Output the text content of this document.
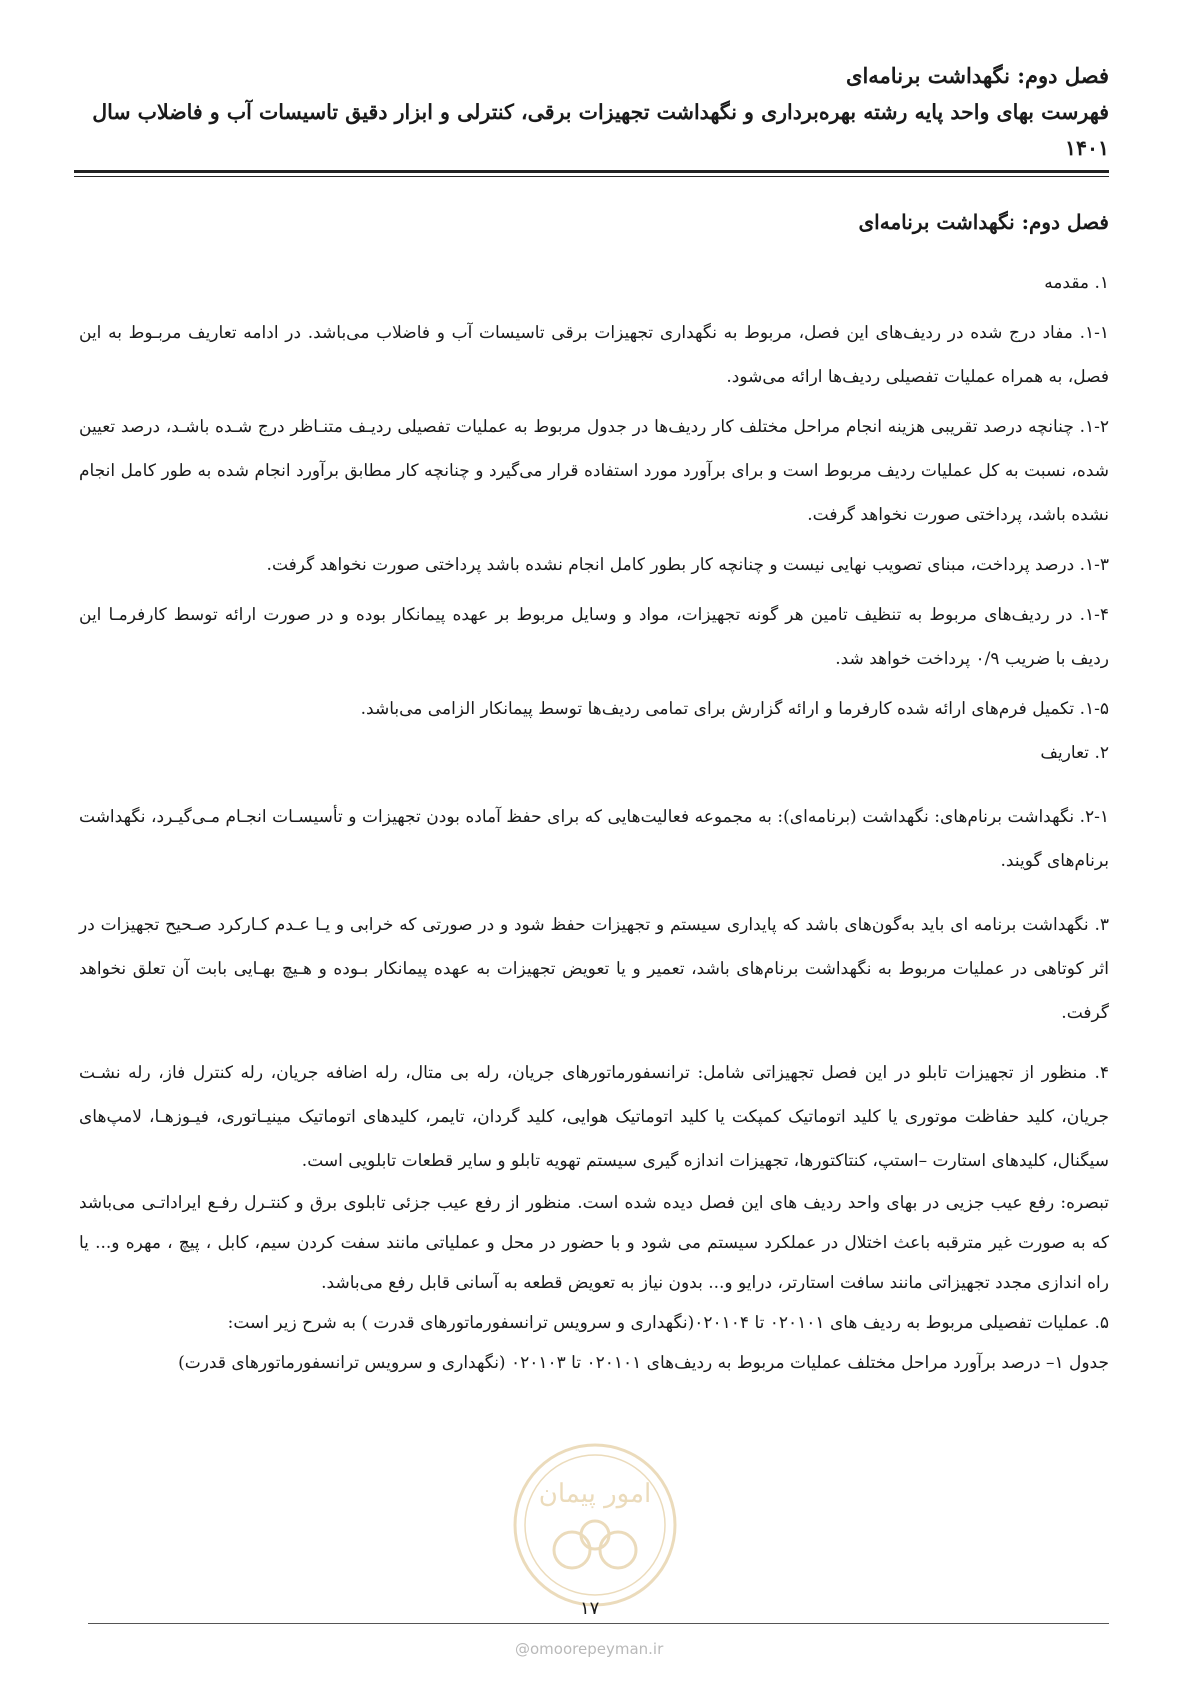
فصل دوم: نگهداشت برنامه‌ای
فهرست بهای واحد پایه رشته بهره‌برداری و نگهداشت تجهیزات برقی، کنترلی و ابزار دقیق تاسیسات آب و فاضلاب سال ۱۴۰۱
فصل دوم: نگهداشت برنامه‌ای

۱. مقدمه

۱-۱. مفاد درج شده در ردیف‌های این فصل، مربوط به نگهداری تجهیزات برقی تاسیسات آب و فاضلاب می‌باشد. در ادامه تعاریف مربـوط به این فصل، به همراه عملیات تفصیلی ردیف‌ها ارائه می‌شود.

۱-۲. چنانچه درصد تقریبی هزینه انجام مراحل مختلف کار ردیف‌ها در جدول مربوط به عملیات تفصیلی ردیـف متنـاظر درج شـده باشـد، درصد تعیین شده، نسبت به کل عملیات ردیف مربوط است و برای برآورد مورد استفاده قرار می‌گیرد و چنانچه کار مطابق برآورد انجام شده به طور کامل انجام نشده باشد، پرداختی صورت نخواهد گرفت.

۱-۳. درصد پرداخت، مبنای تصویب نهایی نیست و چنانچه کار بطور کامل انجام نشده باشد پرداختی صورت نخواهد گرفت.

۱-۴. در ردیف‌های مربوط به تنظیف تامین هر گونه تجهیزات، مواد و وسایل مربوط بر عهده پیمانکار بوده و در صورت ارائه توسط کارفرمـا این ردیف با ضریب ۰/۹ پرداخت خواهد شد.

۱-۵. تکمیل فرم‌های ارائه شده کارفرما و ارائه گزارش برای تمامی ردیف‌ها توسط پیمانکار الزامی می‌باشد.

۲. تعاریف

۲-۱. نگهداشت برنام‌های: نگهداشت (برنامه‌ای): به مجموعه فعالیت‌هایی که برای حفظ آماده بودن تجهیزات و تأسیسـات انجـام مـی‌گیـرد، نگهداشت برنام‌های گویند.

۳. نگهداشت برنامه ای باید به‌گون‌های باشد که پایداری سیستم و تجهیزات حفظ شود و در صورتی که خرابی و یـا عـدم کـارکرد صـحیح تجهیزات در اثر کوتاهی در عملیات مربوط به نگهداشت برنام‌های باشد، تعمیر و یا تعویض تجهیزات به عهده پیمانکار بـوده و هـیچ بهـایی بابت آن تعلق نخواهد گرفت.

۴. منظور از تجهیزات تابلو در این فصل تجهیزاتی شامل: ترانسفورماتورهای جریان، رله بی متال، رله اضافه جریان، رله کنترل فاز، رله نشـت جریان، کلید حفاظت موتوری یا کلید اتوماتیک کمپکت یا کلید اتوماتیک هوایی، کلید گردان، تایمر، کلیدهای اتوماتیک مینیـاتوری، فیـوزهـا، لامپ‌های سیگنال، کلیدهای استارت –استپ، کنتاکتورها، تجهیزات اندازه گیری سیستم تهویه تابلو و سایر قطعات تابلویی است.

تبصره: رفع عیب جزیی در بهای واحد ردیف های این فصل دیده شده است. منظور از رفع عیب جزئی تابلوی برق و کنتـرل رفـع ایراداتـی می‌باشد که به صورت غیر مترقبه باعث اختلال در عملکرد سیستم می شود و با حضور در محل و عملیاتی مانند سفت کردن سیم، کابل ، پیچ ، مهره و... یا راه اندازی مجدد تجهیزاتی مانند سافت استارتر، درایو و... بدون نیاز به تعویض قطعه به آسانی قابل رفع می‌باشد.

۵. عملیات تفصیلی مربوط به ردیف های ۰۲۰۱۰۱ تا ۰۲۰۱۰۴(نگهداری و سرویس ترانسفورماتورهای قدرت ) به شرح زیر است:

جدول ۱– درصد برآورد مراحل مختلف عملیات مربوط به ردیف‌های ۰۲۰۱۰۱ تا ۰۲۰۱۰۳ (نگهداری و سرویس ترانسفورماتورهای قدرت)

امور پیمان
۱۷
@omoorepeyman.ir
